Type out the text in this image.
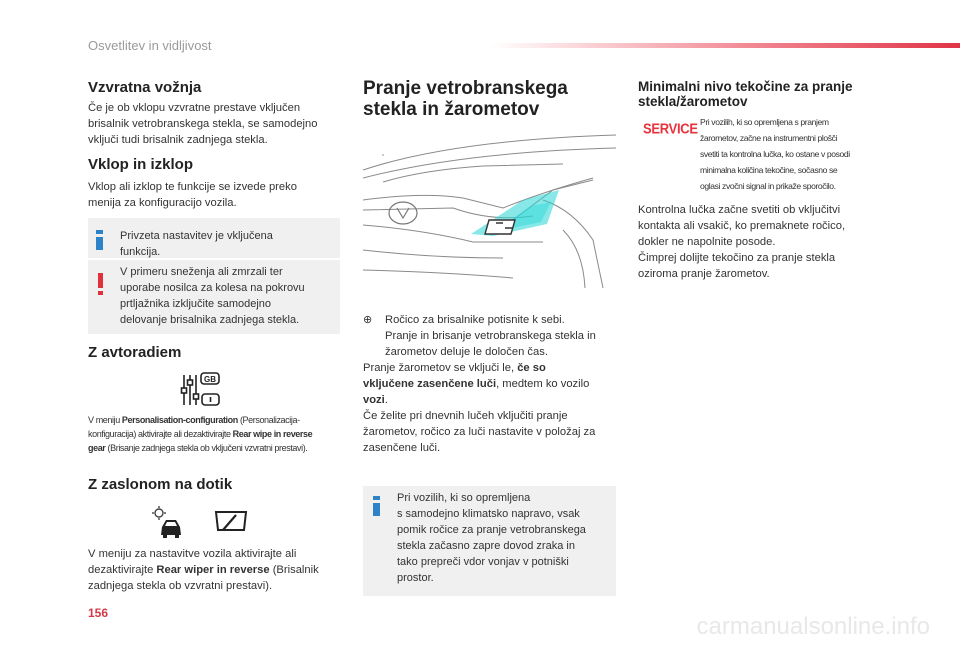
Osvetlitev in vidljivost
Vzvratna vožnja

Če je ob vklopu vzvratne prestave vključen

brisalnik vetrobranskega stekla, se samodejno

vključi tudi brisalnik zadnjega stekla.

Vklop in izklop

Vklop ali izklop te funkcije se izvede preko

menija za konfiguracijo vozila.

Privzeta nastavitev je vključena

funkcija.

V primeru sneženja ali zmrzali ter

uporabe nosilca za kolesa na pokrovu

prtljažnika izklјučite samodejno

delovanje brisalnika zadnjega stekla.

Z avtoradiem
GB

V meniju Personalisation-configuration (Personalizacija-

konfiguracija) aktivirajte ali dezaktivirajte Rear wipe in reverse

gear (Brisanje zadnjega stekla ob vključeni vzvratni prestavi).

Z zaslonom na dotik

V meniju za nastavitve vozila aktivirajte ali

dezaktivirajte Rear wiper in reverse (Brisalnik

zadnjega stekla ob vzvratni prestavi).

Pranje vetrobranskega
stekla in žarometov

⊕ Ročico za brisalnike potisnite k sebi.

Pranje in brisanje vetrobranskega stekla in

žarometov deluje le določen čas.

Pranje žarometov se vključi le, če so

vključene zasenčene luči, medtem ko vozilo

vozi.

Če želite pri dnevnih lučeh vključiti pranje

žarometov, ročico za luči nastavite v položaj za

zasenčene luči.

Pri vozilih, ki so opremljena

s samodejno klimatsko napravo, vsak

pomik ročice za pranje vetrobranskega

stekla začasno zapre dovod zraka in

tako prepreči vdor vonjav v potniški

prostor.

Minimalni nivo tekočine za pranje
stekla/žarometov
SERVICE Pri vozilih, ki so opremljena s pranjem

žarometov, začne na instrumentni plošči

svetiti ta kontrolna lučka, ko ostane v posodi

minimalna količina tekočine, sočasno se

oglasi zvočni signal in prikaže sporočilo.

Kontrolna lučka začne svetiti ob vključitvi

kontakta ali vsakič, ko premaknete ročico,

dokler ne napolnite posode.

Čimprej dolijte tekočino za pranje stekla

oziroma pranje žarometov.

156	carmanualsonline.info
